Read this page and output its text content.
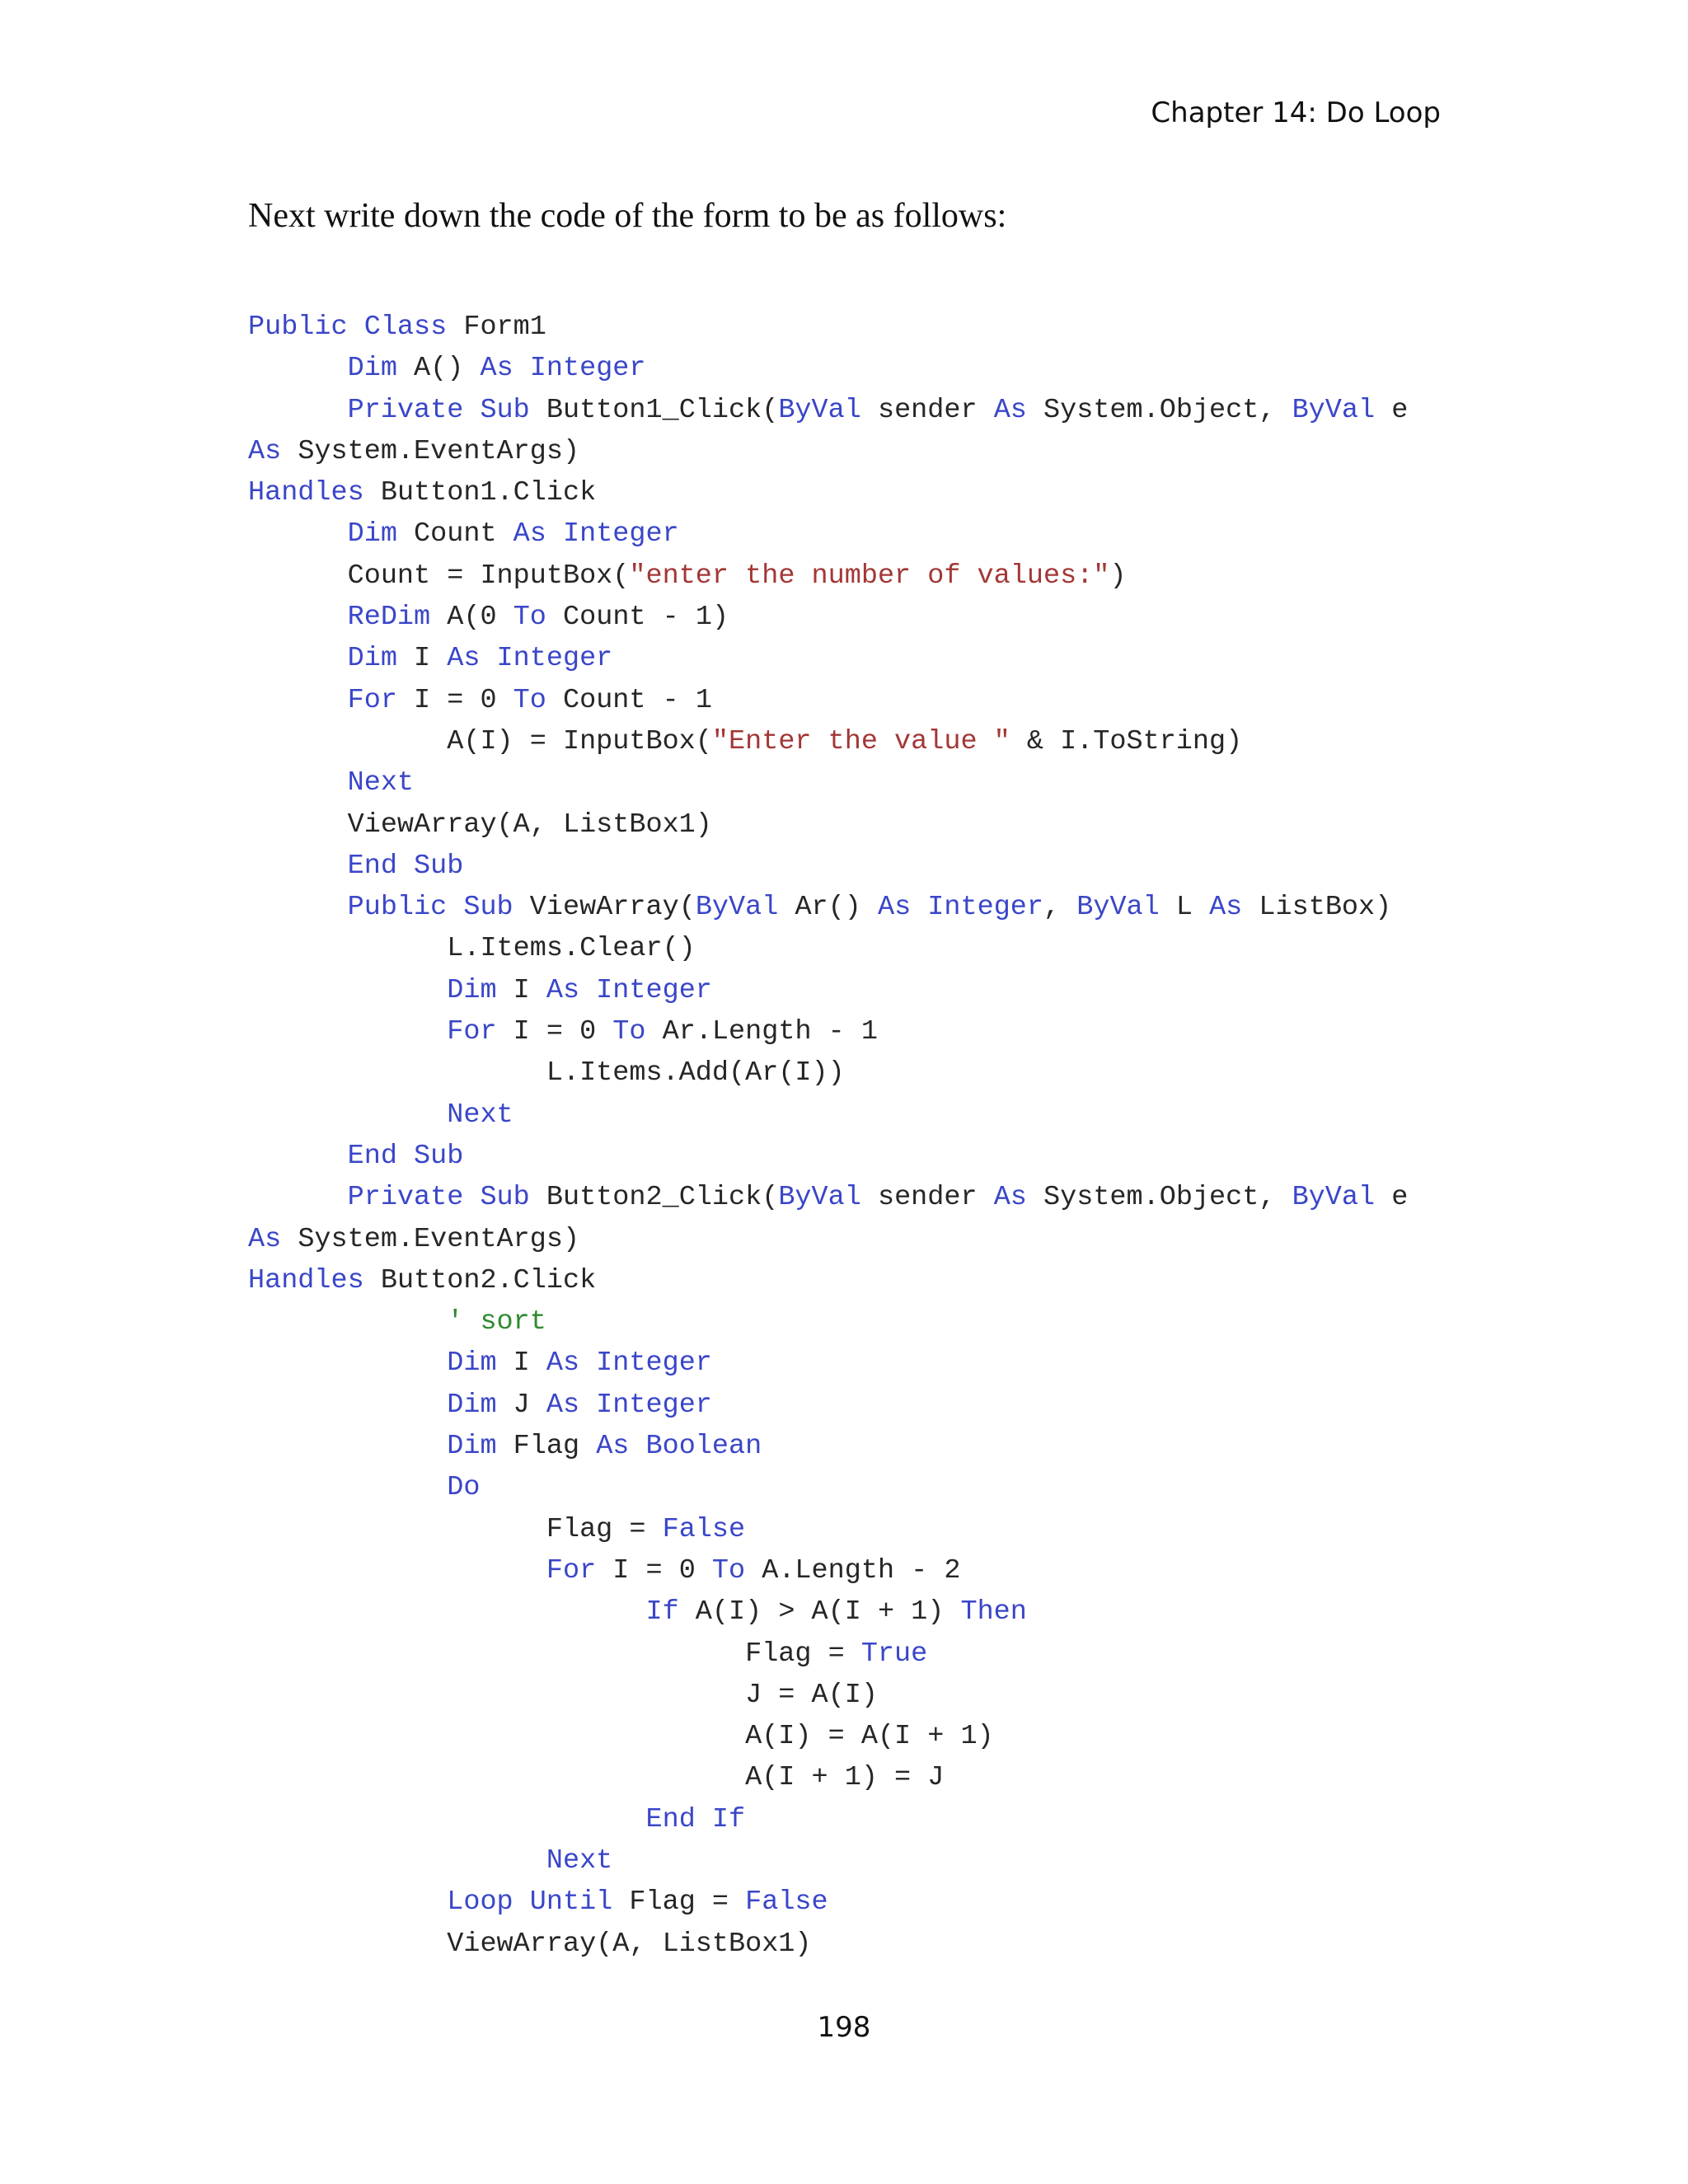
Chapter 14: Do Loop
Next write down the code of the form to be as follows:
Public Class Form1
Dim A() As Integer
Private Sub Button1_Click(ByVal sender As System.Object, ByVal e
As System.EventArgs)
Handles Button1.Click
Dim Count As Integer
Count = InputBox("enter the number of values:")
ReDim A(0 To Count - 1)
Dim I As Integer
For I = 0 To Count - 1
A(I) = InputBox("Enter the value " & I.ToString)
Next
ViewArray(A, ListBox1)
End Sub
Public Sub ViewArray(ByVal Ar() As Integer, ByVal L As ListBox)
L.Items.Clear()
Dim I As Integer
For I = 0 To Ar.Length - 1
L.Items.Add(Ar(I))
Next
End Sub
Private Sub Button2_Click(ByVal sender As System.Object, ByVal e
As System.EventArgs)
Handles Button2.Click
' sort
Dim I As Integer
Dim J As Integer
Dim Flag As Boolean
Do
Flag = False
For I = 0 To A.Length - 2
If A(I) > A(I + 1) Then
Flag = True
J = A(I)
A(I) = A(I + 1)
A(I + 1) = J
End If
Next
Loop Until Flag = False
ViewArray(A, ListBox1)
198
